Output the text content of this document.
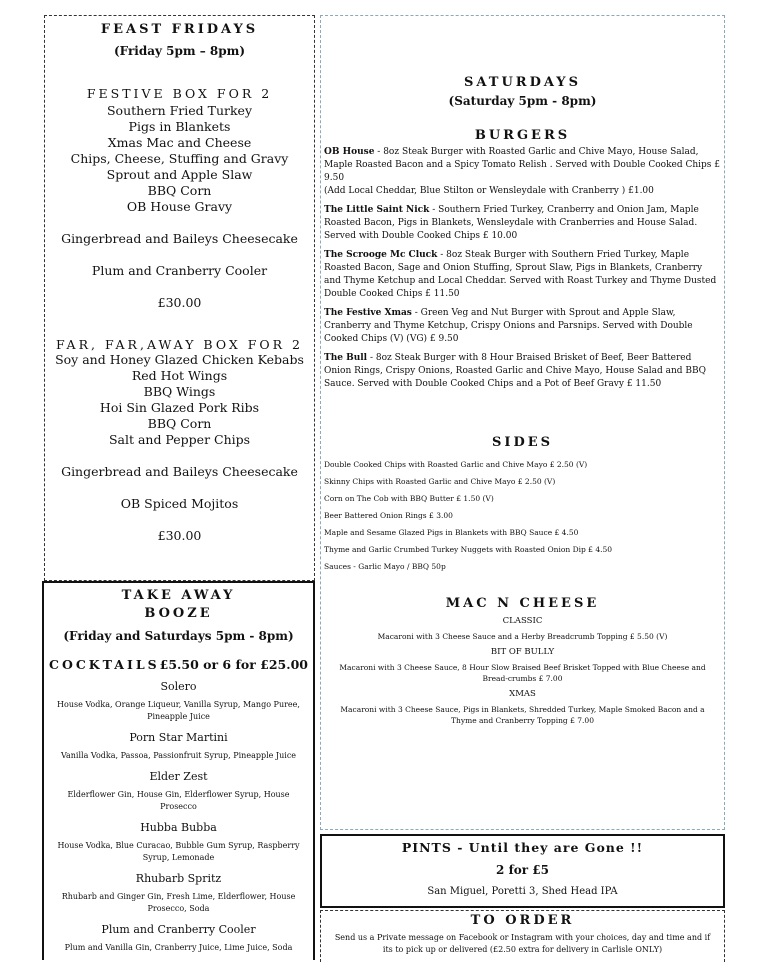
FEAST FRIDAYS

(Friday 5pm – 8pm)

FESTIVE BOX FOR 2

Southern Fried Turkey
Pigs in Blankets
Xmas Mac and Cheese
Chips, Cheese, Stuffing and Gravy
Sprout and Apple Slaw
BBQ Corn
OB House Gravy
Gingerbread and Baileys Cheesecake
Plum and Cranberry Cooler
£30.00

FAR, FAR,AWAY BOX FOR 2

Soy and Honey Glazed Chicken Kebabs
Red Hot Wings
BBQ Wings
Hoi Sin Glazed Pork Ribs
BBQ Corn
Salt and Pepper Chips
Gingerbread and Baileys Cheesecake
OB Spiced Mojitos
£30.00

SATURDAYS

(Saturday 5pm - 8pm)

BURGERS

OB House - 8oz Steak Burger with Roasted Garlic and Chive Mayo, House Salad, Maple Roasted Bacon and a Spicy Tomato Relish . Served with Double Cooked Chips £ 9.50
(Add Local Cheddar, Blue Stilton or Wensleydale with Cranberry ) £1.00
The Little Saint Nick - Southern Fried Turkey, Cranberry and Onion Jam, Maple Roasted Bacon, Pigs in Blankets, Wensleydale with Cranberries and House Salad. Served with Double Cooked Chips £ 10.00
The Scrooge Mc Cluck - 8oz Steak Burger with Southern Fried Turkey, Maple Roasted Bacon, Sage and Onion Stuffing, Sprout Slaw, Pigs in Blankets, Cranberry and Thyme Ketchup and Local Cheddar. Served with Roast Turkey and Thyme Dusted Double Cooked Chips £ 11.50
The Festive Xmas - Green Veg and Nut Burger with Sprout and Apple Slaw, Cranberry and Thyme Ketchup, Crispy Onions and Parsnips. Served with Double Cooked Chips (V) (VG) £ 9.50
The Bull - 8oz Steak Burger with 8 Hour Braised Brisket of Beef, Beer Battered Onion Rings, Crispy Onions, Roasted Garlic and Chive Mayo, House Salad and BBQ Sauce. Served with Double Cooked Chips and a Pot of Beef Gravy £ 11.50

SIDES

Double Cooked Chips with Roasted Garlic and Chive Mayo £ 2.50 (V)
Skinny Chips with Roasted Garlic and Chive Mayo £ 2.50 (V)
Corn on The Cob with BBQ Butter £ 1.50 (V)
Beer Battered Onion Rings £ 3.00
Maple and Sesame Glazed Pigs in Blankets with BBQ Sauce £ 4.50
Thyme and Garlic Crumbed Turkey Nuggets with Roasted Onion Dip £ 4.50
Sauces - Garlic Mayo / BBQ 50p

MAC N CHEESE

CLASSIC

Macaroni with 3 Cheese Sauce and a Herby Breadcrumb Topping £ 5.50 (V)

BIT OF BULLY

Macaroni with 3 Cheese Sauce, 8 Hour Slow Braised Beef Brisket Topped with Blue Cheese and Bread-crumbs £ 7.00

XMAS

Macaroni with 3 Cheese Sauce, Pigs in Blankets, Shredded Turkey, Maple Smoked Bacon and a Thyme and Cranberry Topping £ 7.00

TAKE AWAY

BOOZE

(Friday and Saturdays 5pm - 8pm)

COCKTAILS£5.50 or 6 for £25.00

Solero

House Vodka, Orange Liqueur, Vanilla Syrup, Mango Puree, Pineapple Juice

Porn Star Martini

Vanilla Vodka, Passoa, Passionfruit Syrup, Pineapple Juice

Elder Zest

Elderflower Gin, House Gin, Elderflower Syrup, House Prosecco

Hubba Bubba

House Vodka, Blue Curacao, Bubble Gum Syrup, Raspberry Syrup, Lemonade

Rhubarb Spritz

Rhubarb and Ginger Gin, Fresh Lime, Elderflower, House Prosecco, Soda

Plum and Cranberry Cooler

Plum and Vanilla Gin, Cranberry Juice, Lime Juice, Soda

PINTS - Until they are Gone !!

2 for £5

San Miguel, Poretti 3, Shed Head IPA

TO ORDER

Send us a Private message on Facebook or Instagram with your choices, day and time and if its to pick up or delivered (£2.50 extra for delivery in Carlisle ONLY)
